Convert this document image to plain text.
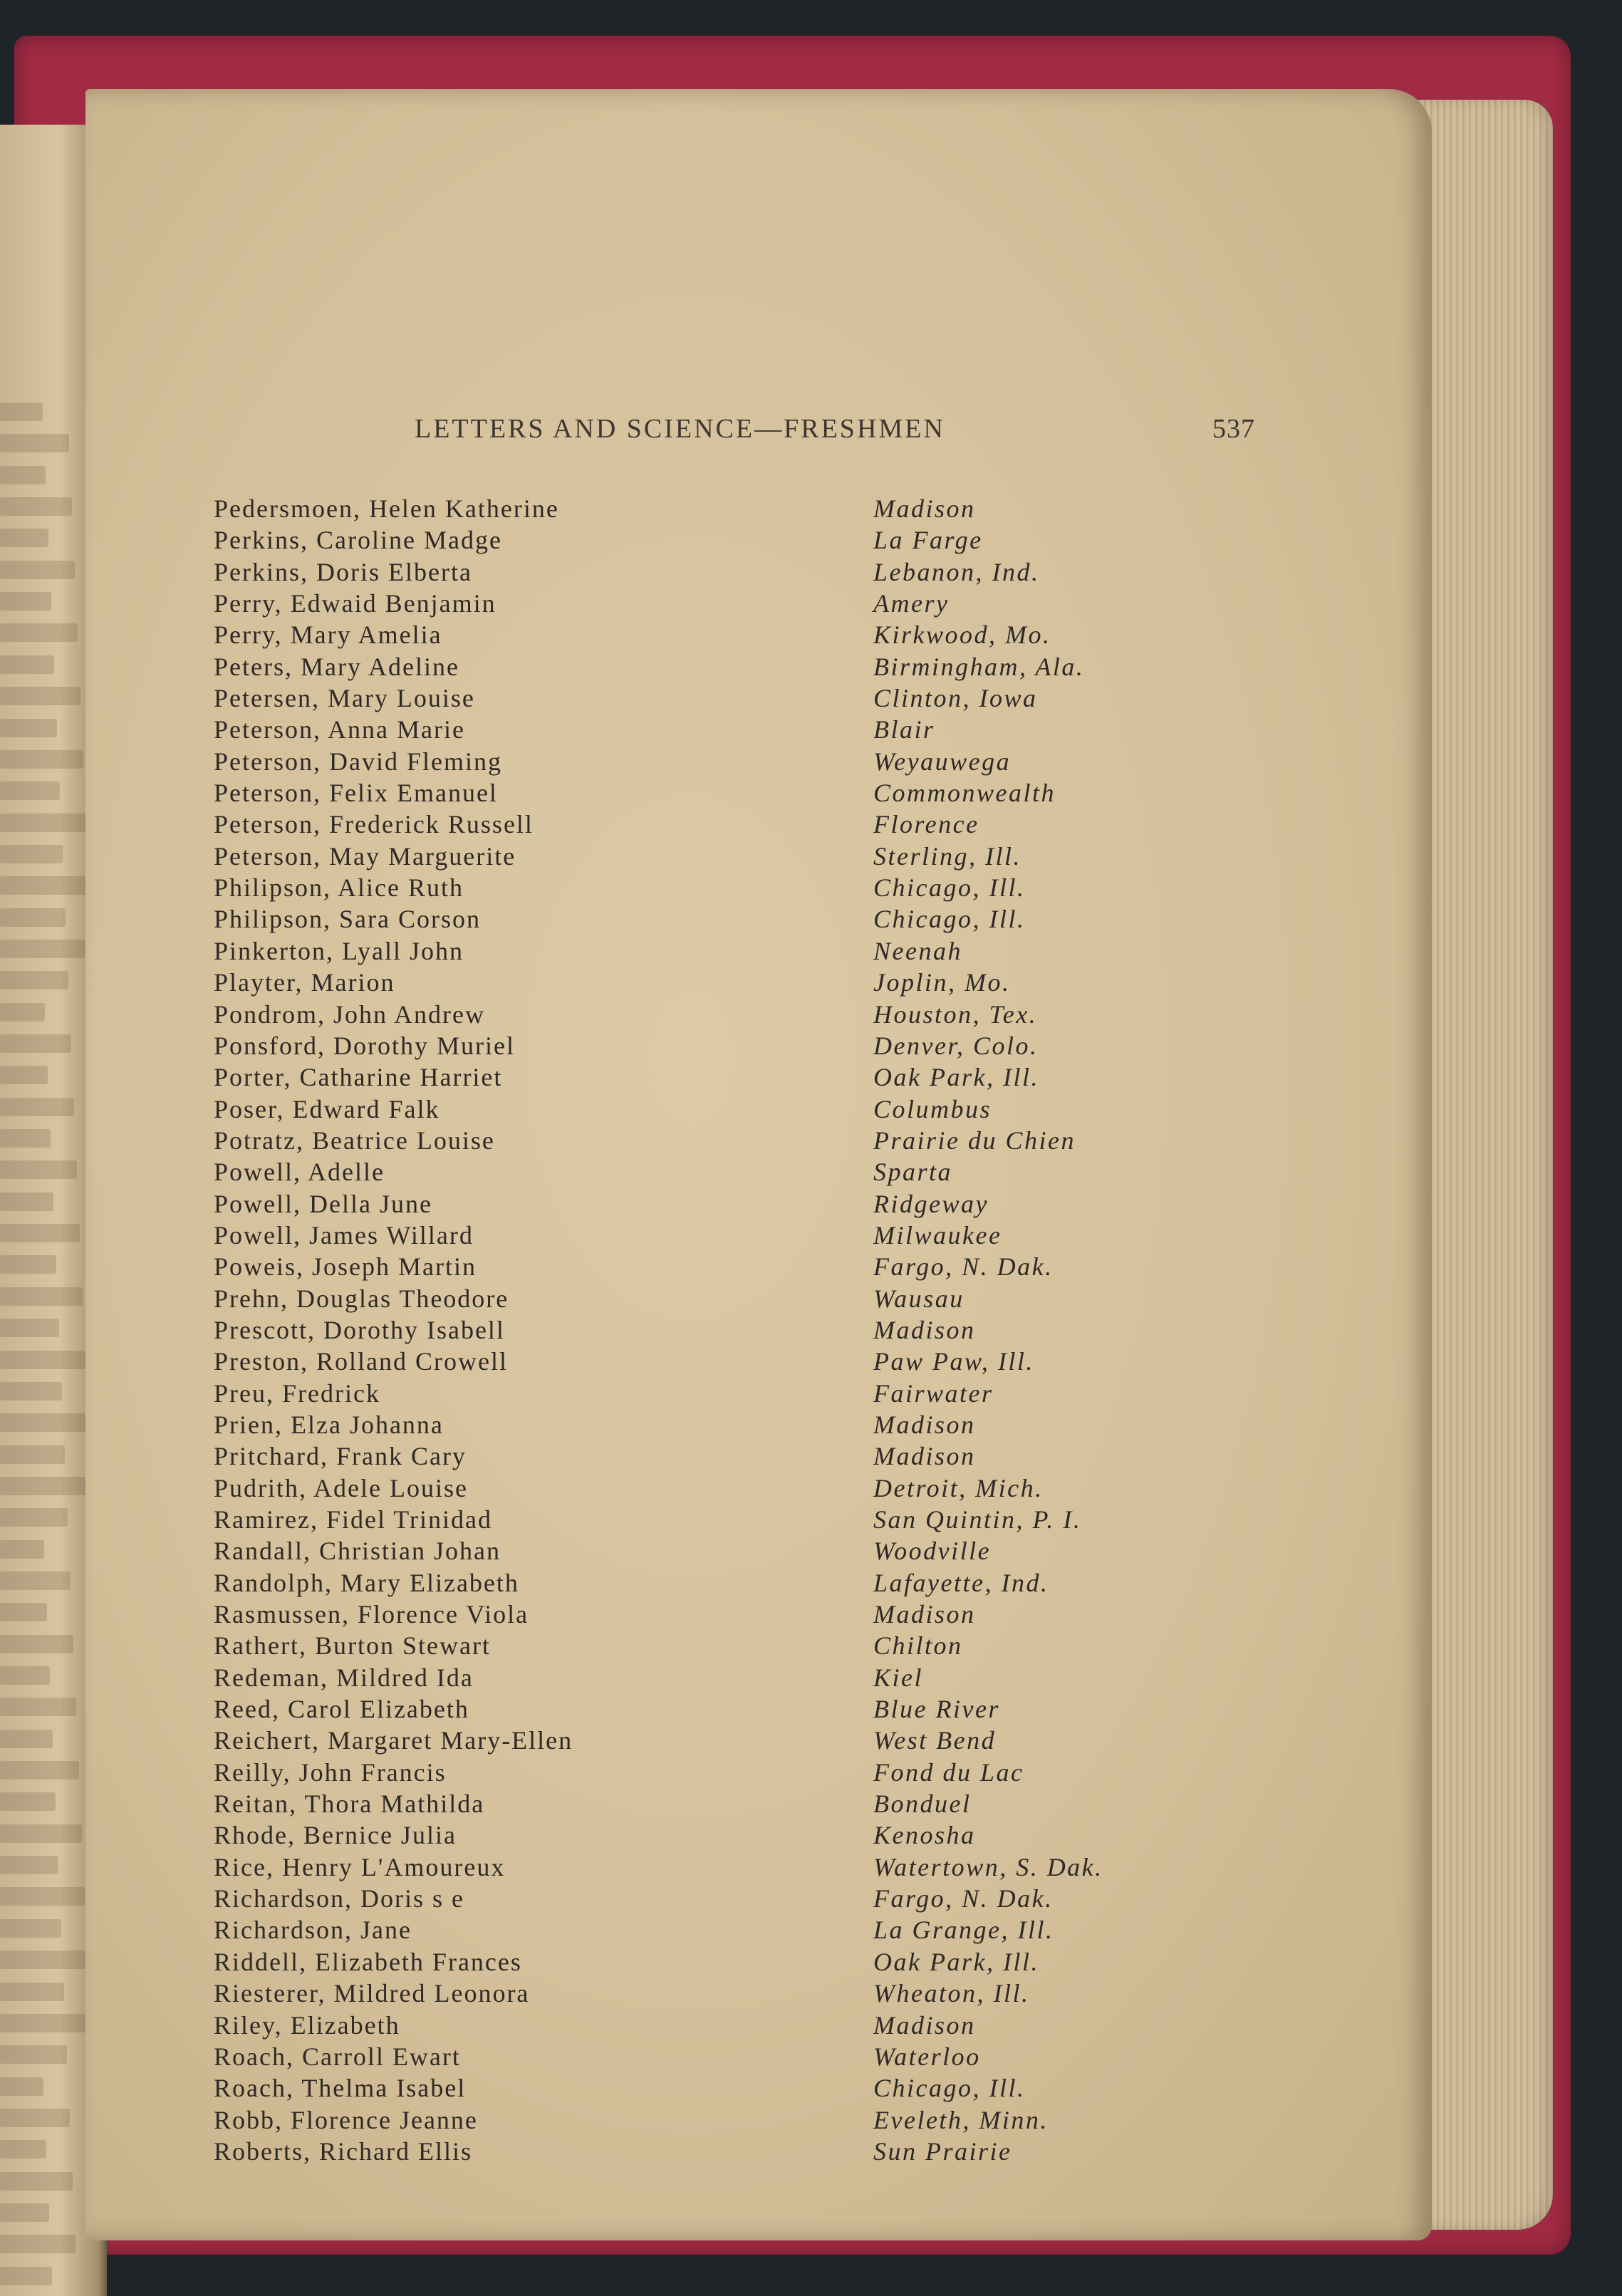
LETTERS AND SCIENCE—FRESHMEN	537
Pedersmoen, Helen Katherine	Madison
Perkins, Caroline Madge	La Farge
Perkins, Doris Elberta	Lebanon, Ind.
Perry, Edwaid Benjamin	Amery
Perry, Mary Amelia	Kirkwood, Mo.
Peters, Mary Adeline	Birmingham, Ala.
Petersen, Mary Louise	Clinton, Iowa
Peterson, Anna Marie	Blair
Peterson, David Fleming	Weyauwega
Peterson, Felix Emanuel	Commonwealth
Peterson, Frederick Russell	Florence
Peterson, May Marguerite	Sterling, Ill.
Philipson, Alice Ruth	Chicago, Ill.
Philipson, Sara Corson	Chicago, Ill.
Pinkerton, Lyall John	Neenah
Playter, Marion	Joplin, Mo.
Pondrom, John Andrew	Houston, Tex.
Ponsford, Dorothy Muriel	Denver, Colo.
Porter, Catharine Harriet	Oak Park, Ill.
Poser, Edward Falk	Columbus
Potratz, Beatrice Louise	Prairie du Chien
Powell, Adelle	Sparta
Powell, Della June	Ridgeway
Powell, James Willard	Milwaukee
Poweis, Joseph Martin	Fargo, N. Dak.
Prehn, Douglas Theodore	Wausau
Prescott, Dorothy Isabell	Madison
Preston, Rolland Crowell	Paw Paw, Ill.
Preu, Fredrick	Fairwater
Prien, Elza Johanna	Madison
Pritchard, Frank Cary	Madison
Pudrith, Adele Louise	Detroit, Mich.
Ramirez, Fidel Trinidad	San Quintin, P. I.
Randall, Christian Johan	Woodville
Randolph, Mary Elizabeth	Lafayette, Ind.
Rasmussen, Florence Viola	Madison
Rathert, Burton Stewart	Chilton
Redeman, Mildred Ida	Kiel
Reed, Carol Elizabeth	Blue River
Reichert, Margaret Mary-Ellen	West Bend
Reilly, John Francis	Fond du Lac
Reitan, Thora Mathilda	Bonduel
Rhode, Bernice Julia	Kenosha
Rice, Henry L'Amoureux	Watertown, S. Dak.
Richardson, Doris s e	Fargo, N. Dak.
Richardson, Jane	La Grange, Ill.
Riddell, Elizabeth Frances	Oak Park, Ill.
Riesterer, Mildred Leonora	Wheaton, Ill.
Riley, Elizabeth	Madison
Roach, Carroll Ewart	Waterloo
Roach, Thelma Isabel	Chicago, Ill.
Robb, Florence Jeanne	Eveleth, Minn.
Roberts, Richard Ellis	Sun Prairie
